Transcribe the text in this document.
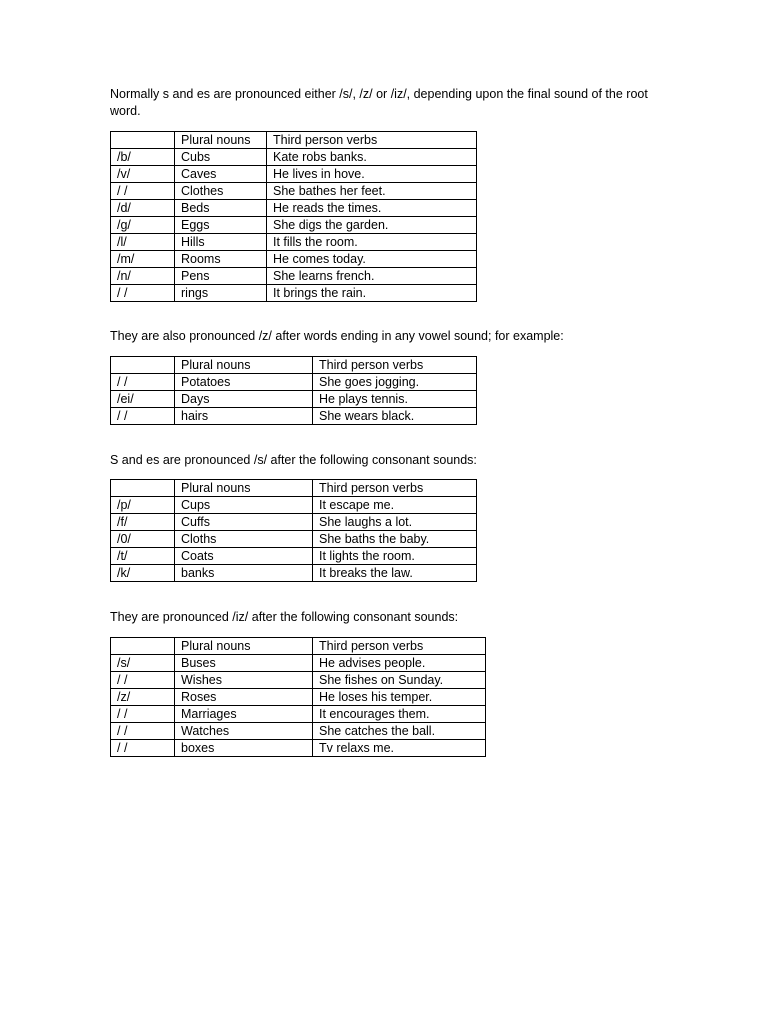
Normally s and es are pronounced either /s/, /z/ or /iz/, depending upon the final sound of the root word.

	Plural nouns	Third person verbs
/b/	Cubs	Kate robs banks.
/v/	Caves	He lives in hove.
/ /	Clothes	She bathes her feet.
/d/	Beds	He reads the times.
/g/	Eggs	She digs the garden.
/l/	Hills	It fills the room.
/m/	Rooms	He comes today.
/n/	Pens	She learns french.
/ /	rings	It brings the rain.

They are also pronounced /z/ after words ending in any vowel sound; for example:

	Plural nouns	Third person verbs
/ /	Potatoes	She goes jogging.
/ei/	Days	He plays tennis.
/ /	hairs	She wears black.

S and es are pronounced /s/ after the following consonant sounds:

	Plural nouns	Third person verbs
/p/	Cups	It escape me.
/f/	Cuffs	She laughs a lot.
/0/	Cloths	She baths the baby.
/t/	Coats	It lights the room.
/k/	banks	It breaks the law.

They are pronounced /iz/ after the following consonant sounds:

	Plural nouns	Third person verbs
/s/	Buses	He advises people.
/ /	Wishes	She fishes on Sunday.
/z/	Roses	He loses his temper.
/ /	Marriages	It encourages them.
/ /	Watches	She catches the ball.
/ /	boxes	Tv relaxs me.
